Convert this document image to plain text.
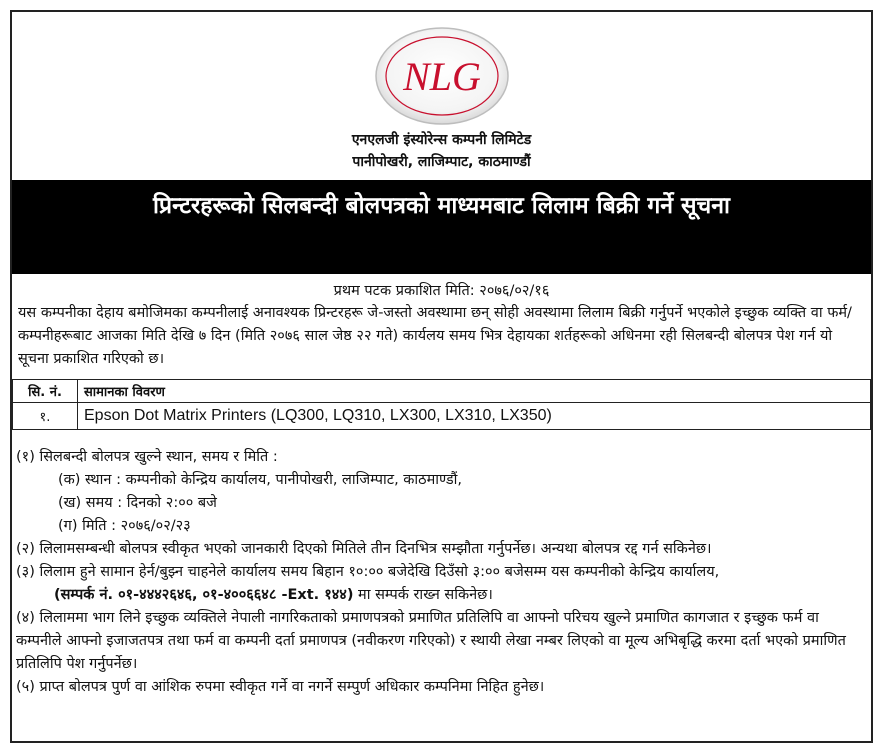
NLG
एनएलजी इंस्योरेन्स कम्पनी लिमिटेड
पानीपोखरी, लाजिम्पाट, काठमाण्डौं
प्रिन्टरहरूको सिलबन्दी बोलपत्रको माध्यमबाट लिलाम बिक्री गर्ने सूचना
प्रथम पटक प्रकाशित मिति: २०७६/०२/१६
यस कम्पनीका देहाय बमोजिमका कम्पनीलाई अनावश्यक प्रिन्टरहरू जे-जस्तो अवस्थामा छन् सोही अवस्थामा लिलाम बिक्री गर्नुपर्ने भएकोले इच्छुक व्यक्ति वा फर्म/कम्पनीहरूबाट आजका मिति देखि ७ दिन (मिति २०७६ साल जेष्ठ २२ गते) कार्यलय समय भित्र देहायका शर्तहरूको अधिनमा रही सिलबन्दी बोलपत्र पेश गर्न यो सूचना प्रकाशित गरिएको छ।
सि. नं.	सामानका विवरण
१.	Epson Dot Matrix Printers (LQ300, LQ310, LX300, LX310, LX350)

(१) सिलबन्दी बोलपत्र खुल्ने स्थान, समय र मिति :

(क) स्थान : कम्पनीको केन्द्रिय कार्यालय, पानीपोखरी, लाजिम्पाट, काठमाण्डौं,

(ख) समय : दिनको २:०० बजे

(ग) मिति : २०७६/०२/२३

(२) लिलामसम्बन्धी बोलपत्र स्वीकृत भएको जानकारी दिएको मितिले तीन दिनभित्र सम्झौता गर्नुपर्नेछ। अन्यथा बोलपत्र रद्द गर्न सकिनेछ।

(३) लिलाम हुने सामान हेर्न/बुझ्न चाहनेले कार्यालय समय बिहान १०:०० बजेदेखि दिउँसो ३:०० बजेसम्म यस कम्पनीको केन्द्रिय कार्यालय,

(सम्पर्क नं. ०१-४४४२६४६, ०१-४००६६४८ -Ext. १४४) मा सम्पर्क राख्न सकिनेछ।

(४) लिलाममा भाग लिने इच्छुक व्यक्तिले नेपाली नागरिकताको प्रमाणपत्रको प्रमाणित प्रतिलिपि वा आफ्नो परिचय खुल्ने प्रमाणित कागजात र इच्छुक फर्म वा कम्पनीले आफ्नो इजाजतपत्र तथा फर्म वा कम्पनी दर्ता प्रमाणपत्र (नवीकरण गरिएको) र स्थायी लेखा नम्बर लिएको वा मूल्य अभिबृद्धि करमा दर्ता भएको प्रमाणित प्रतिलिपि पेश गर्नुपर्नेछ।

(५) प्राप्त बोलपत्र पुर्ण वा आंशिक रुपमा स्वीकृत गर्ने वा नगर्ने सम्पुर्ण अधिकार कम्पनिमा निहित हुनेछ।
